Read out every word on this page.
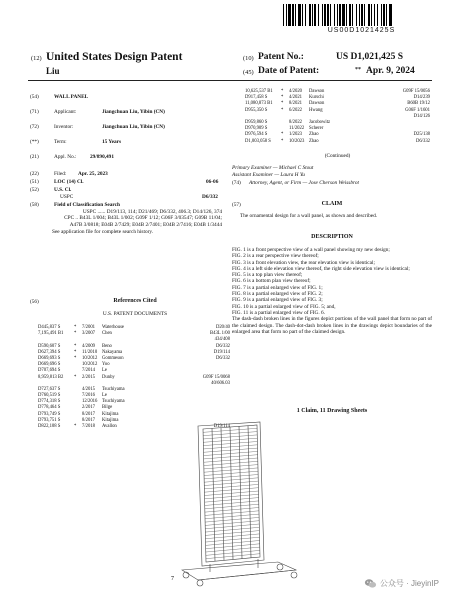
US00D1021425S
(12) United States Design Patent
Liu
(10) Patent No.:	US D1,021,425 S
(45) Date of Patent:	** Apr. 9, 2024
(54)	WALL PANEL
(71)	Applicant:	Jiangchuan Liu, Yibin (CN)
(72)	Inventor:	Jiangchuan Liu, Yibin (CN)
(**)	Term:	15 Years
(21)	Appl. No.:	29/890,491
(22)	Filed: Apr. 25, 2023
(51)	LOC (14) Cl.	06-06
(52)	U.S. Cl.
USPC	D6/332
(58)	Field of Classification Search
USPC ...... D19/113, 114; D21/469; D6/332, 406.3; D14/126, 374
CPC .. B43L 1/004; B43L 1/002; G09F 1/12; G06F 3/03547; G09B 11/04; A47B 3/0818; E04B 2/7429; E04B 2/7401; E04B 2/7416; E04B 1/3444
See application file for complete search history.
(56)	References Cited
U.S. PATENT DOCUMENTS
D445,837 S	* 7/2001 Waterhouse	D20/40
7,195,491 B1 * 3/2007 Chen	B43L 1/00
434/408
D590,607 S	* 4/2009 Beno	D6/332
D627,394 S	* 11/2010 Nakayama	D19/114
D669,693 S	* 10/2012 Gommeson	D6/332
D669,696 S	10/2012 Yoo
D707,694 S	7/2014 Le
8,959,813 B2 * 2/2015 Dunby	G09F 15/0068
40/606.03
D727,637 S	4/2015 Tsuchiyama
D760,519 S	7/2016 Le
D774,318 S	12/2016 Tsuchiyama
D778,464 S	2/2017 Bilge
D793,749 S	8/2017 Kitajima
D793,751 S	8/2017 Kitajima
D822,108 S	* 7/2018 Avallon	D19/114
10,625,537 B1 * 4/2020 Dawson	G09F 15/0056
D917,458 S	* 4/2021 Kurschi	D14/239
11,080,873 B1 * 8/2021 Dawson	B60B 19/12
D955,350 S	* 6/2022 Hwang	G06F 1/1601
D14/126
D959,860 S	8/2022 Jacobowitz
D970,909 S	11/2022 Scherer
D976,594 S	* 1/2023 Zhao	D25/138
D1,003,058 S * 10/2023 Zhao	D6/332
(Continued)
Primary Examiner — Michael C Stout
Assistant Examiner — Laura H Yu
(74) Attorney, Agent, or Firm — Jose Cherson Weissbrot
(57)	CLAIM
The ornamental design for a wall panel, as shown and described.
DESCRIPTION
FIG. 1 is a front perspective view of a wall panel showing my new design;
FIG. 2 is a rear perspective view thereof;
FIG. 3 is a front elevation view, the rear elevation view is identical;
FIG. 4 is a left side elevation view thereof, the right side elevation view is identical;
FIG. 5 is a top plan view thereof;
FIG. 6 is a bottom plan view thereof;
FIG. 7 is a partial enlarged view of FIG. 1;
FIG. 8 is a partial enlarged view of FIG. 2;
FIG. 9 is a partial enlarged view of FIG. 3;
FIG. 10 is a partial enlarged view of FIG. 5; and,
FIG. 11 is a partial enlarged view of FIG. 6.
The dash-dash broken lines in the figures depict portions of the wall panel that form no part of the claimed design. The dash-dot-dash broken lines in the drawings depict boundaries of the enlarged area that form no part of the claimed design.
1 Claim, 11 Drawing Sheets
7	公众号 · JieyinIP
